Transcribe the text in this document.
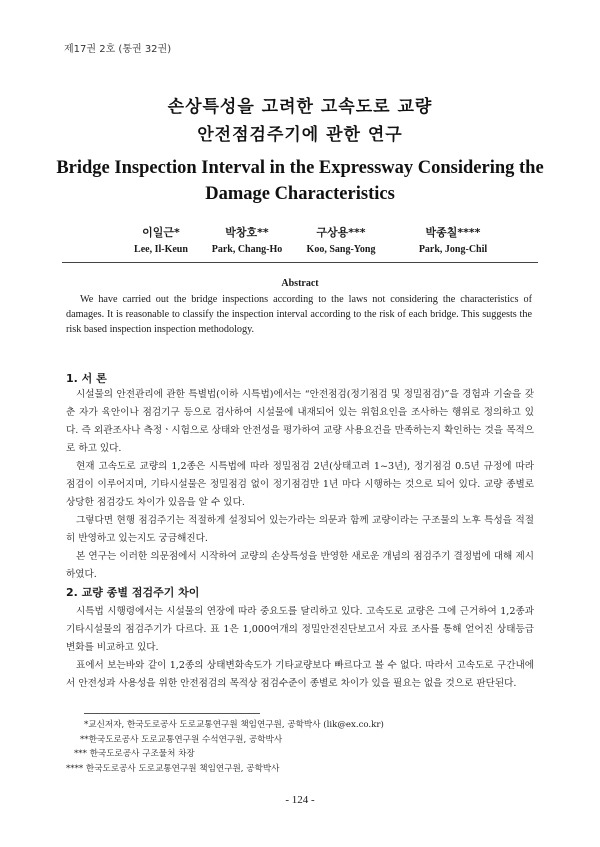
제17권 2호 (통권 32권)
손상특성을 고려한 고속도로 교량
안전점검주기에 관한 연구
Bridge Inspection Interval in the Expressway Considering the
Damage Characteristics
이일근*
Lee, Il-Keun
박창호**
Park, Chang-Ho
구상용***
Koo, Sang-Yong
박종칠****
Park, Jong-Chil
Abstract
We have carried out the bridge inspections according to the laws not considering the characteristics of damages. It is reasonable to classify the inspection interval according to the risk of each bridge. This suggests the risk based inspection inspection methodology.
1. 서 론

시설물의 안전관리에 관한 특별법(이하 시특법)에서는 “안전점검(정기점검 및 정밀점검)”을 경험과 기술을 갖춘 자가 육안이나 점검기구 등으로 검사하여 시설물에 내재되어 있는 위험요인을 조사하는 행위로 정의하고 있다. 즉 외관조사나 측정ㆍ시험으로 상태와 안전성을 평가하여 교량 사용요건을 만족하는지 확인하는 것을 목적으로 하고 있다.

현재 고속도로 교량의 1,2종은 시특법에 따라 정밀점검 2년(상태고려 1~3년), 정기점검 0.5년 규정에 따라 점검이 이루어지며, 기타시설물은 정밀점검 없이 정기점검만 1년 마다 시행하는 것으로 되어 있다. 교량 종별로 상당한 점검강도 차이가 있음을 알 수 있다.

그렇다면 현행 점검주기는 적절하게 설정되어 있는가라는 의문과 함께 교량이라는 구조물의 노후 특성을 적절히 반영하고 있는지도 궁금해진다.

본 연구는 이러한 의문점에서 시작하여 교량의 손상특성을 반영한 새로운 개념의 점검주기 결정법에 대해 제시하였다.

2. 교량 종별 점검주기 차이

시특법 시행령에서는 시설물의 연장에 따라 중요도를 달리하고 있다. 고속도로 교량은 그에 근거하여 1,2종과 기타시설물의 점검주기가 다르다. 표 1은 1,000여개의 정밀안전진단보고서 자료 조사를 통해 얻어진 상태등급변화를 비교하고 있다.

표에서 보는바와 같이 1,2종의 상태변화속도가 기타교량보다 빠르다고 볼 수 없다. 따라서 고속도로 구간내에서 안전성과 사용성을 위한 안전점검의 목적상 점검수준이 종별로 차이가 있을 필요는 없을 것으로 판단된다.

*교신저자, 한국도로공사 도로교통연구원 책임연구원, 공학박사 (lik@ex.co.kr)
**한국도로공사 도로교통연구원 수석연구원, 공학박사
*** 한국도로공사 구조물처 차장
**** 한국도로공사 도로교통연구원 책임연구원, 공학박사
- 124 -
